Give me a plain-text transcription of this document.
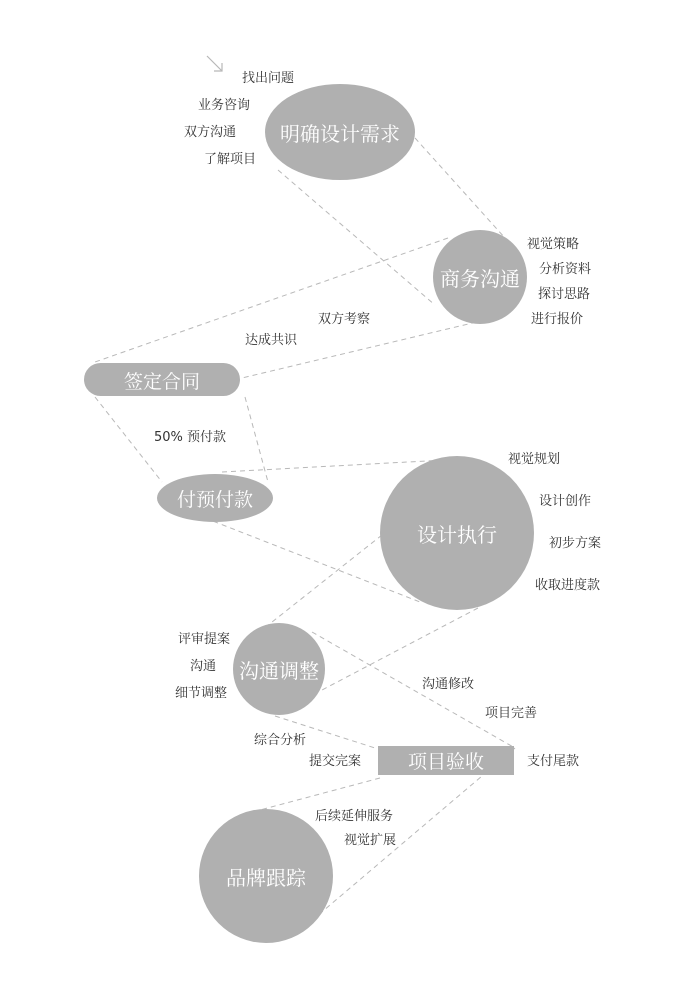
明确设计需求
商务沟通
签定合同
付预付款
设计执行
沟通调整
项目验收
品牌跟踪
找出问题
业务咨询
双方沟通
了解项目
视觉策略
分析资料
探讨思路
进行报价
双方考察
达成共识
50% 预付款
视觉规划
设计创作
初步方案
收取进度款
评审提案
沟通
细节调整
沟通修改
项目完善
综合分析
提交完案	支付尾款
后续延伸服务
视觉扩展
